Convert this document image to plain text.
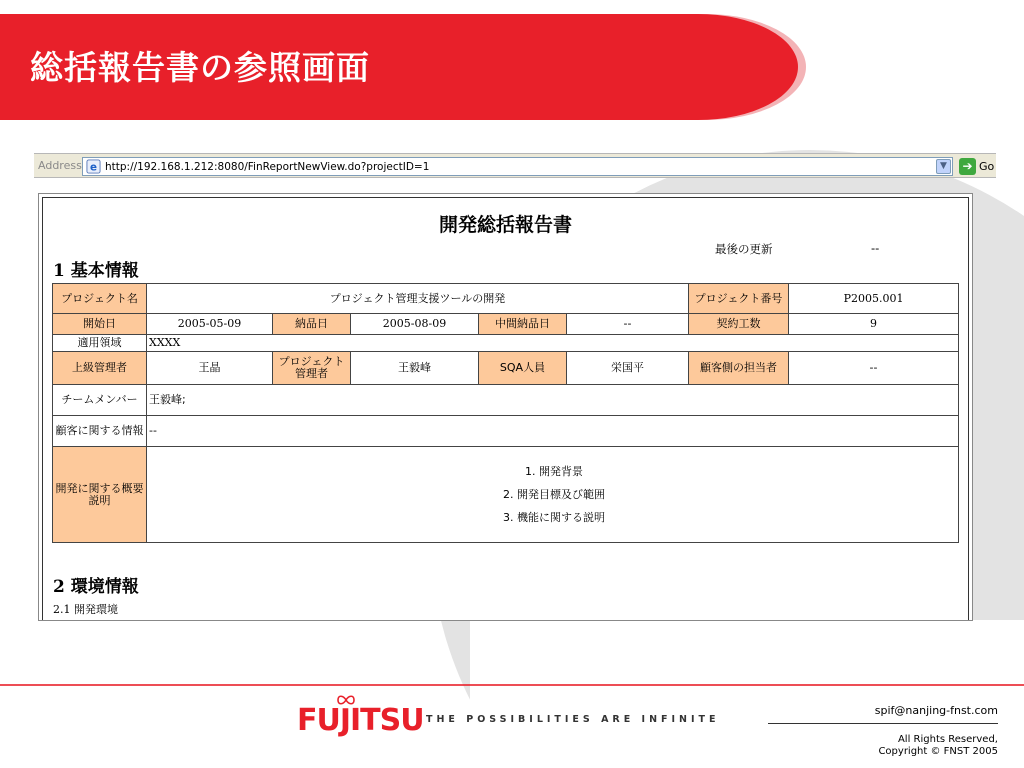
総括報告書の参照画面
Address e http://192.168.1.212:8080/FinReportNewView.do?projectID=1	▼	➔ Go
開発総括報告書
最後の更新	--
1 基本情報
プロジェクト名	プロジェクト管理支援ツールの開発					プロジェクト番号	P2005.001
開始日	2005-05-09	納品日	2005-08-09	中間納品日	--	契約工数	9
適用領域	XXXX						
上級管理者	王晶	プロジェクト管理者	王毅峰	SQA人員	栄国平	顧客側の担当者	--
チームメンバー	王毅峰;						
顧客に関する情報	--						
開発に関する概要説明	1. 開発背景
2. 開発目標及び範囲
3. 機能に関する説明						
2 環境情報
2.1 開発環境
FUJITSU THE POSSIBILITIES ARE INFINITE
spif@nanjing-fnst.com
All Rights Reserved,
Copyright © FNST 2005
